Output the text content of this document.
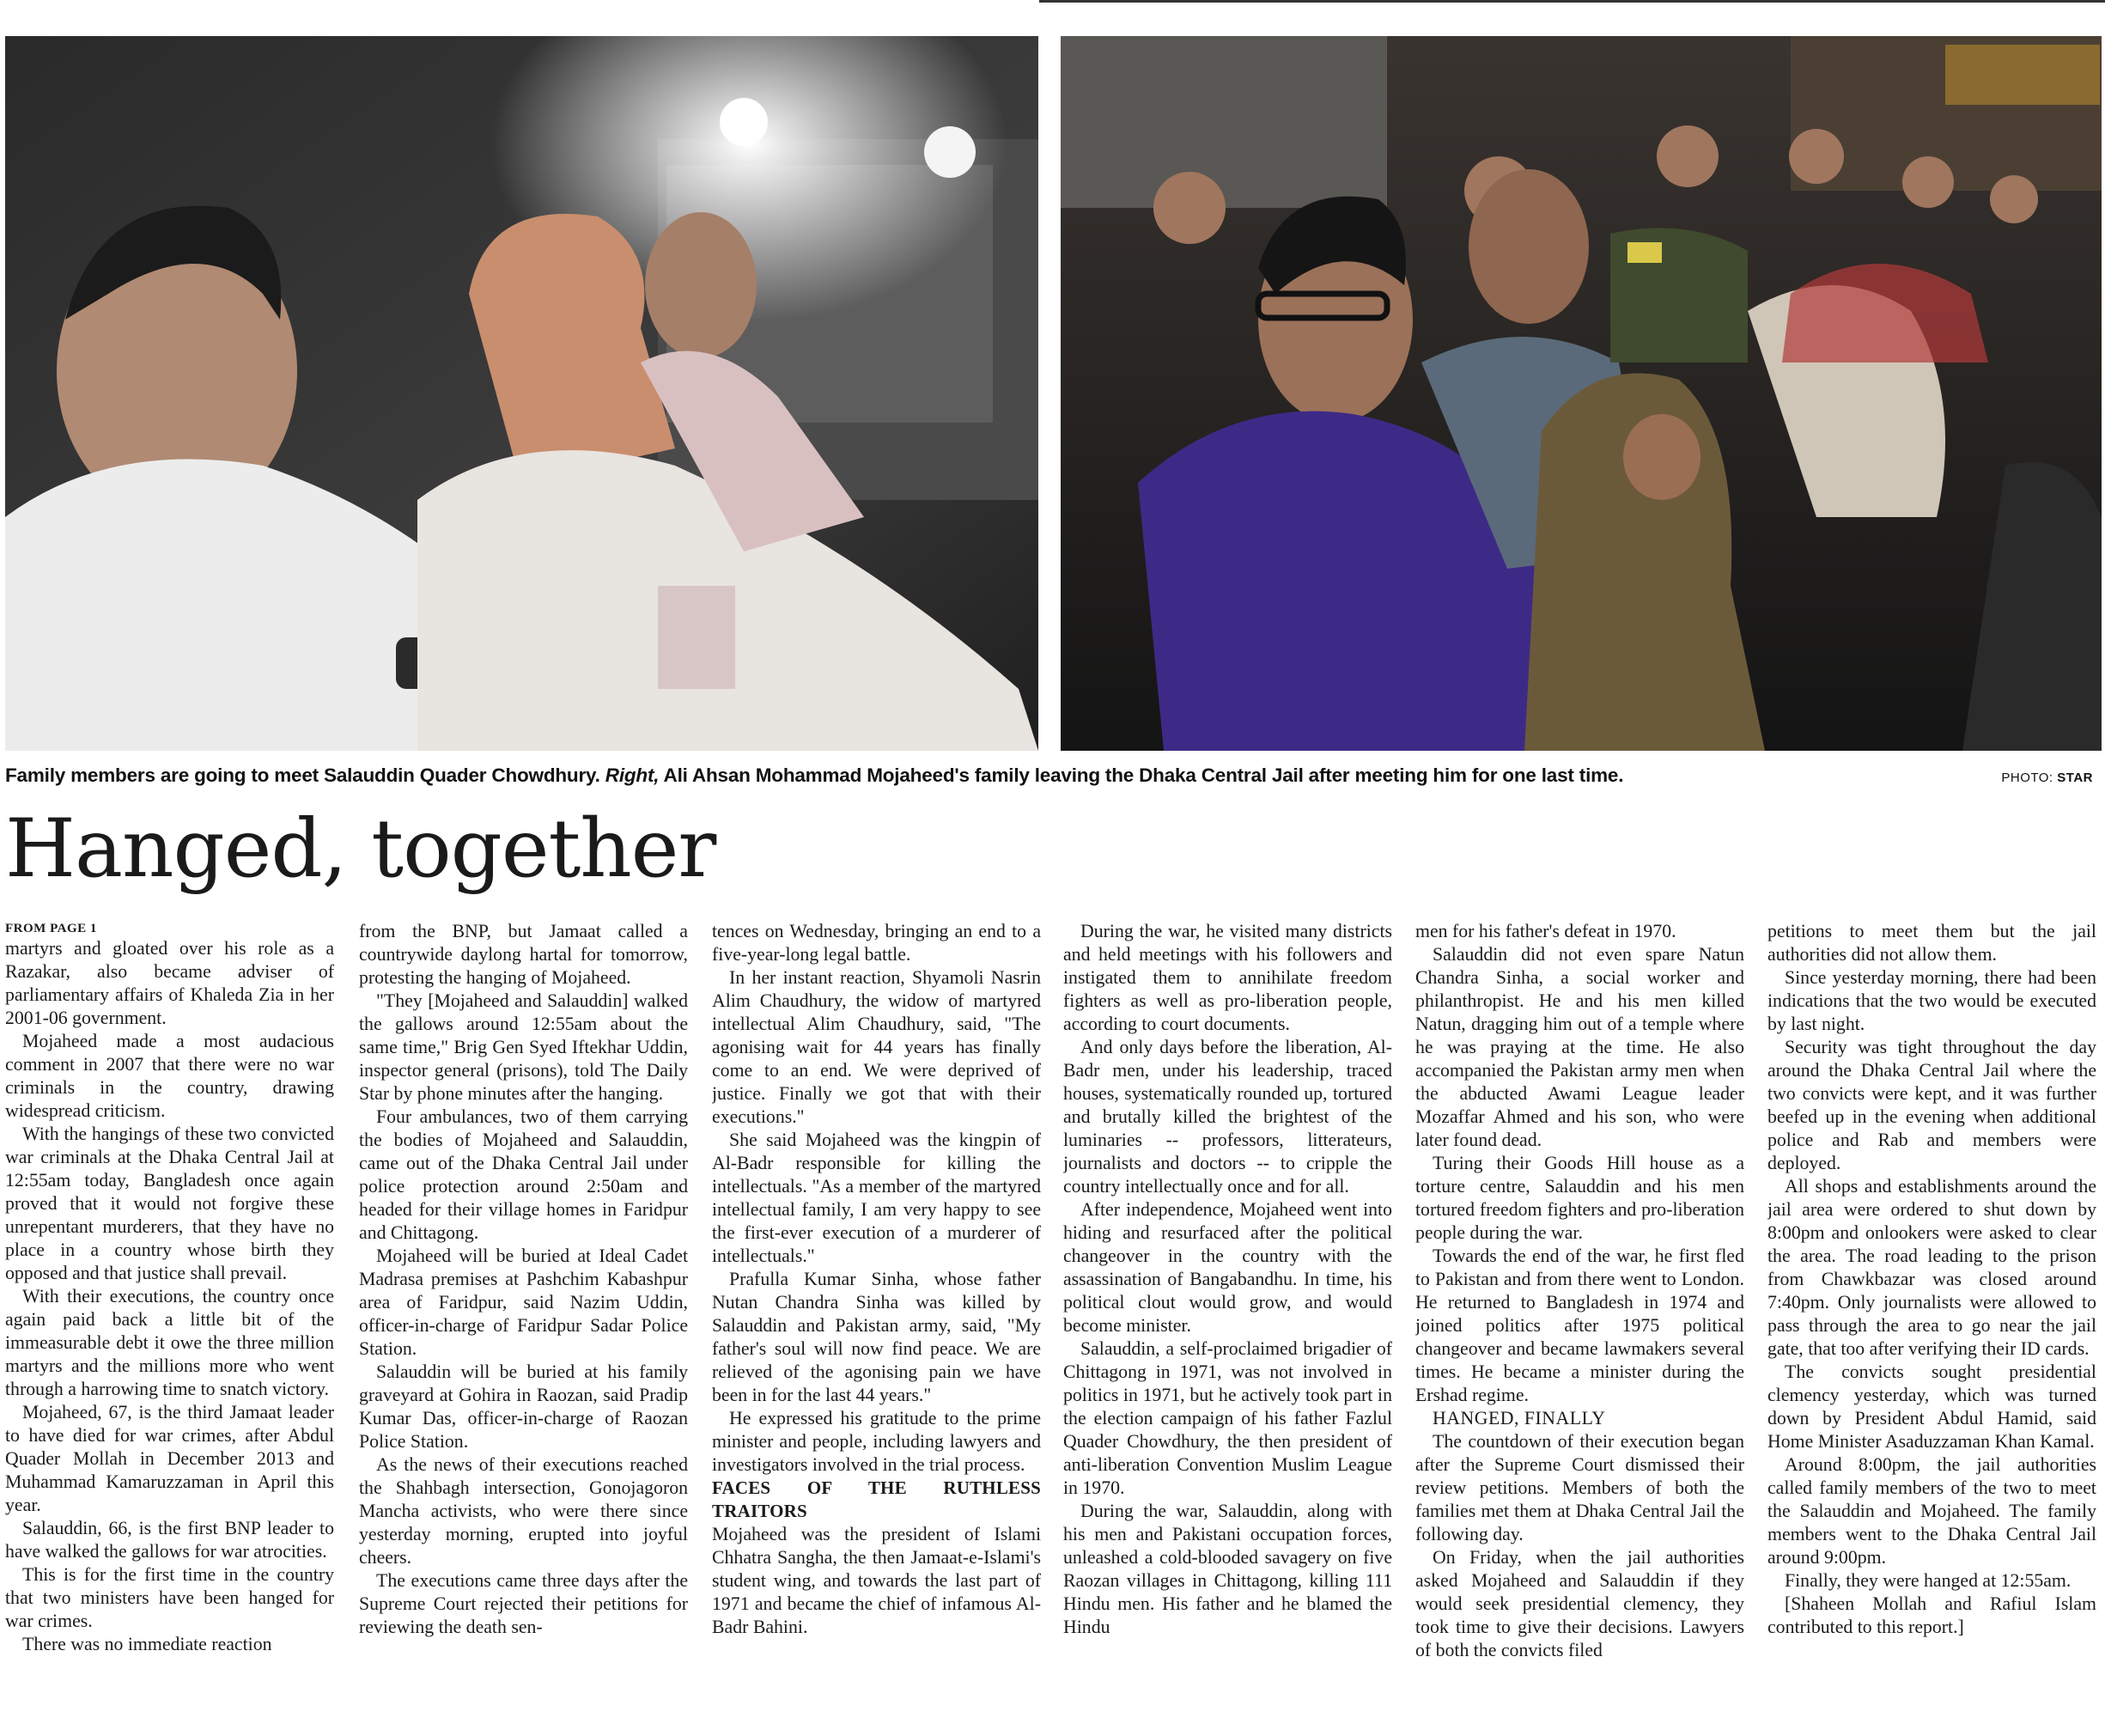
Family members are going to meet Salauddin Quader Chowdhury. Right, Ali Ahsan Mohammad Mojaheed's family leaving the Dhaka Central Jail after meeting him for one last time.	PHOTO: STAR
Hanged, together

FROM PAGE 1

martyrs and gloated over his role as a Razakar, also became adviser of parliamentary affairs of Khaleda Zia in her 2001-06 government.

Mojaheed made a most audacious comment in 2007 that there were no war criminals in the country, drawing widespread criticism.

With the hangings of these two convicted war criminals at the Dhaka Central Jail at 12:55am today, Bangladesh once again proved that it would not forgive these unrepentant murderers, that they have no place in a country whose birth they opposed and that justice shall prevail.

With their executions, the country once again paid back a little bit of the immeasurable debt it owe the three million martyrs and the millions more who went through a harrowing time to snatch victory.

Mojaheed, 67, is the third Jamaat leader to have died for war crimes, after Abdul Quader Mollah in December 2013 and Muhammad Kamaruzzaman in April this year.

Salauddin, 66, is the first BNP leader to have walked the gallows for war atrocities.

This is for the first time in the country that two ministers have been hanged for war crimes.

There was no immediate reaction

from the BNP, but Jamaat called a countrywide daylong hartal for tomorrow, protesting the hanging of Mojaheed.

"They [Mojaheed and Salauddin] walked the gallows around 12:55am about the same time," Brig Gen Syed Iftekhar Uddin, inspector general (prisons), told The Daily Star by phone minutes after the hanging.

Four ambulances, two of them carrying the bodies of Mojaheed and Salauddin, came out of the Dhaka Central Jail under police protection around 2:50am and headed for their village homes in Faridpur and Chittagong.

Mojaheed will be buried at Ideal Cadet Madrasa premises at Pashchim Kabashpur area of Faridpur, said Nazim Uddin, officer-in-charge of Faridpur Sadar Police Station.

Salauddin will be buried at his family graveyard at Gohira in Raozan, said Pradip Kumar Das, officer-in-charge of Raozan Police Station.

As the news of their executions reached the Shahbagh intersection, Gonojagoron Mancha activists, who were there since yesterday morning, erupted into joyful cheers.

The executions came three days after the Supreme Court rejected their petitions for reviewing the death sen-

tences on Wednesday, bringing an end to a five-year-long legal battle.

In her instant reaction, Shyamoli Nasrin Alim Chaudhury, the widow of martyred intellectual Alim Chaudhury, said, "The agonising wait for 44 years has finally come to an end. We were deprived of justice. Finally we got that with their executions."

She said Mojaheed was the kingpin of Al-Badr responsible for killing the intellectuals. "As a member of the martyred intellectual family, I am very happy to see the first-ever execution of a murderer of intellectuals."

Prafulla Kumar Sinha, whose father Nutan Chandra Sinha was killed by Salauddin and Pakistan army, said, "My father's soul will now find peace. We are relieved of the agonising pain we have been in for the last 44 years."

He expressed his gratitude to the prime minister and people, including lawyers and investigators involved in the trial process.

FACES OF THE RUTHLESS TRAITORS

Mojaheed was the president of Islami Chhatra Sangha, the then Jamaat-e-Islami's student wing, and towards the last part of 1971 and became the chief of infamous Al-Badr Bahini.

During the war, he visited many districts and held meetings with his followers and instigated them to annihilate freedom fighters as well as pro-liberation people, according to court documents.

And only days before the liberation, Al-Badr men, under his leadership, traced houses, systematically rounded up, tortured and brutally killed the brightest of the luminaries -- professors, litterateurs, journalists and doctors -- to cripple the country intellectually once and for all.

After independence, Mojaheed went into hiding and resurfaced after the political changeover in the country with the assassination of Bangabandhu. In time, his political clout would grow, and would become minister.

Salauddin, a self-proclaimed brigadier of Chittagong in 1971, was not involved in politics in 1971, but he actively took part in the election campaign of his father Fazlul Quader Chowdhury, the then president of anti-liberation Convention Muslim League in 1970.

During the war, Salauddin, along with his men and Pakistani occupation forces, unleashed a cold-blooded savagery on five Raozan villages in Chittagong, killing 111 Hindu men. His father and he blamed the Hindu

men for his father's defeat in 1970.

Salauddin did not even spare Natun Chandra Sinha, a social worker and philanthropist. He and his men killed Natun, dragging him out of a temple where he was praying at the time. He also accompanied the Pakistan army men when the abducted Awami League leader Mozaffar Ahmed and his son, who were later found dead.

Turing their Goods Hill house as a torture centre, Salauddin and his men tortured freedom fighters and pro-liberation people during the war.

Towards the end of the war, he first fled to Pakistan and from there went to London. He returned to Bangladesh in 1974 and joined politics after 1975 political changeover and became lawmakers several times. He became a minister during the Ershad regime.

HANGED, FINALLY

The countdown of their execution began after the Supreme Court dismissed their review petitions. Members of both the families met them at Dhaka Central Jail the following day.

On Friday, when the jail authorities asked Mojaheed and Salauddin if they would seek presidential clemency, they took time to give their decisions. Lawyers of both the convicts filed

petitions to meet them but the jail authorities did not allow them.

Since yesterday morning, there had been indications that the two would be executed by last night.

Security was tight throughout the day around the Dhaka Central Jail where the two convicts were kept, and it was further beefed up in the evening when additional police and Rab and members were deployed.

All shops and establishments around the jail area were ordered to shut down by 8:00pm and onlookers were asked to clear the area. The road leading to the prison from Chawkbazar was closed around 7:40pm. Only journalists were allowed to pass through the area to go near the jail gate, that too after verifying their ID cards.

The convicts sought presidential clemency yesterday, which was turned down by President Abdul Hamid, said Home Minister Asaduzzaman Khan Kamal.

Around 8:00pm, the jail authorities called family members of the two to meet the Salauddin and Mojaheed. The family members went to the Dhaka Central Jail around 9:00pm.

Finally, they were hanged at 12:55am.

[Shaheen Mollah and Rafiul Islam contributed to this report.]
